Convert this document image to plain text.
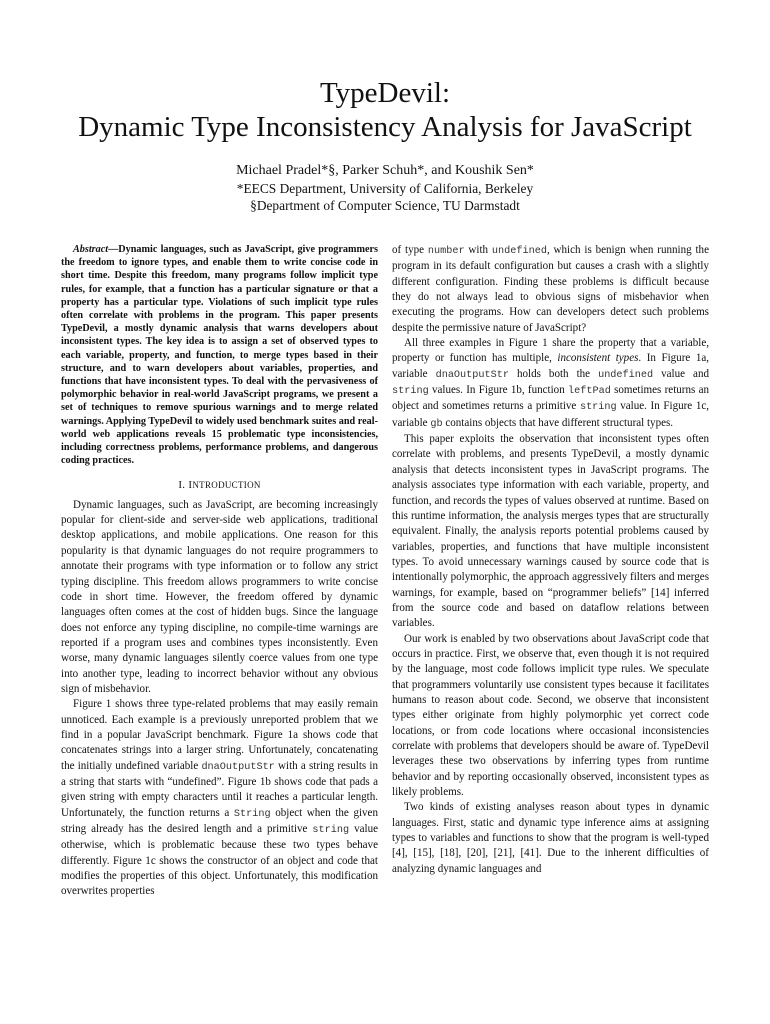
TypeDevil:
Dynamic Type Inconsistency Analysis for JavaScript
Michael Pradel*§, Parker Schuh*, and Koushik Sen*
*EECS Department, University of California, Berkeley
§Department of Computer Science, TU Darmstadt

Abstract—Dynamic languages, such as JavaScript, give programmers the freedom to ignore types, and enable them to write concise code in short time. Despite this freedom, many programs follow implicit type rules, for example, that a function has a particular signature or that a property has a particular type. Violations of such implicit type rules often correlate with problems in the program. This paper presents TypeDevil, a mostly dynamic analysis that warns developers about inconsistent types. The key idea is to assign a set of observed types to each variable, property, and function, to merge types based in their structure, and to warn developers about variables, properties, and functions that have inconsistent types. To deal with the pervasiveness of polymorphic behavior in real-world JavaScript programs, we present a set of techniques to remove spurious warnings and to merge related warnings. Applying TypeDevil to widely used benchmark suites and real-world web applications reveals 15 problematic type inconsistencies, including correctness problems, performance problems, and dangerous coding practices.

I. INTRODUCTION

Dynamic languages, such as JavaScript, are becoming increasingly popular for client-side and server-side web applications, traditional desktop applications, and mobile applications. One reason for this popularity is that dynamic languages do not require programmers to annotate their programs with type information or to follow any strict typing discipline. This freedom allows programmers to write concise code in short time. However, the freedom offered by dynamic languages often comes at the cost of hidden bugs. Since the language does not enforce any typing discipline, no compile-time warnings are reported if a program uses and combines types inconsistently. Even worse, many dynamic languages silently coerce values from one type into another type, leading to incorrect behavior without any obvious sign of misbehavior.

Figure 1 shows three type-related problems that may easily remain unnoticed. Each example is a previously unreported problem that we find in a popular JavaScript benchmark. Figure 1a shows code that concatenates strings into a larger string. Unfortunately, concatenating the initially undefined variable dnaOutputStr with a string results in a string that starts with “undefined”. Figure 1b shows code that pads a given string with empty characters until it reaches a particular length. Unfortunately, the function returns a String object when the given string already has the desired length and a primitive string value otherwise, which is problematic because these two types behave differently. Figure 1c shows the constructor of an object and code that modifies the properties of this object. Unfortunately, this modification overwrites properties

of type number with undefined, which is benign when running the program in its default configuration but causes a crash with a slightly different configuration. Finding these problems is difficult because they do not always lead to obvious signs of misbehavior when executing the programs. How can developers detect such problems despite the permissive nature of JavaScript?

All three examples in Figure 1 share the property that a variable, property or function has multiple, inconsistent types. In Figure 1a, variable dnaOutputStr holds both the undefined value and string values. In Figure 1b, function leftPad sometimes returns an object and sometimes returns a primitive string value. In Figure 1c, variable gb contains objects that have different structural types.

This paper exploits the observation that inconsistent types often correlate with problems, and presents TypeDevil, a mostly dynamic analysis that detects inconsistent types in JavaScript programs. The analysis associates type information with each variable, property, and function, and records the types of values observed at runtime. Based on this runtime information, the analysis merges types that are structurally equivalent. Finally, the analysis reports potential problems caused by variables, properties, and functions that have multiple inconsistent types. To avoid unnecessary warnings caused by source code that is intentionally polymorphic, the approach aggressively filters and merges warnings, for example, based on “programmer beliefs” [14] inferred from the source code and based on dataflow relations between variables.

Our work is enabled by two observations about JavaScript code that occurs in practice. First, we observe that, even though it is not required by the language, most code follows implicit type rules. We speculate that programmers voluntarily use consistent types because it facilitates humans to reason about code. Second, we observe that inconsistent types either originate from highly polymorphic yet correct code locations, or from code locations where occasional inconsistencies correlate with problems that developers should be aware of. TypeDevil leverages these two observations by inferring types from runtime behavior and by reporting occasionally observed, inconsistent types as likely problems.

Two kinds of existing analyses reason about types in dynamic languages. First, static and dynamic type inference aims at assigning types to variables and functions to show that the program is well-typed [4], [15], [18], [20], [21], [41]. Due to the inherent difficulties of analyzing dynamic languages and
